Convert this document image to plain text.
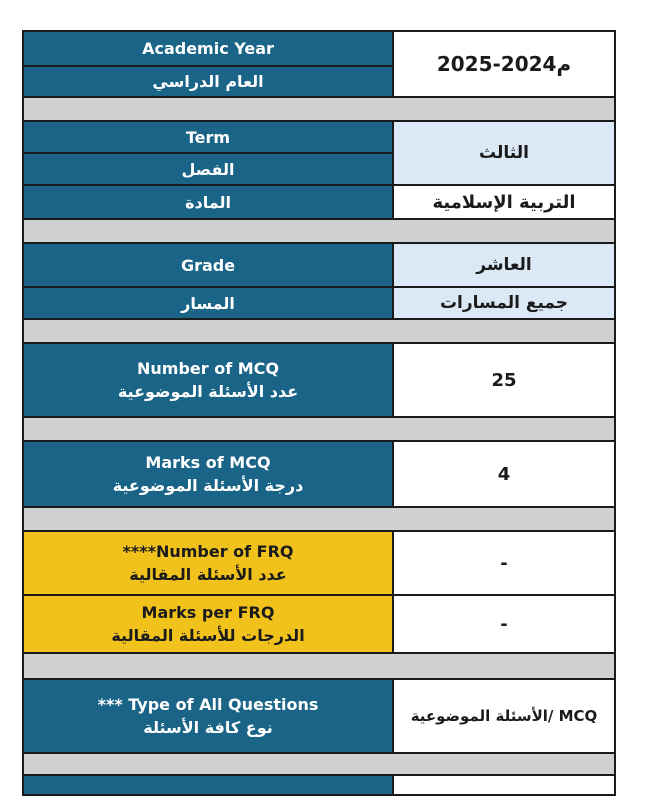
Academic Year
العام الدراسي
2025-2024م
Term
الفصل
المادة
الثالث
التربية الإسلامية
Grade
المسار
العاشر
جميع المسارات
Number of MCQ
عدد الأسئلة الموضوعية
25
Marks of MCQ
درجة الأسئلة الموضوعية
4
****Number of FRQ
عدد الأسئلة المقالية
-
Marks per FRQ
الدرجات للأسئلة المقالية
-
*** Type of All Questions
نوع كافة الأسئلة
MCQ /الأسئلة الموضوعية
